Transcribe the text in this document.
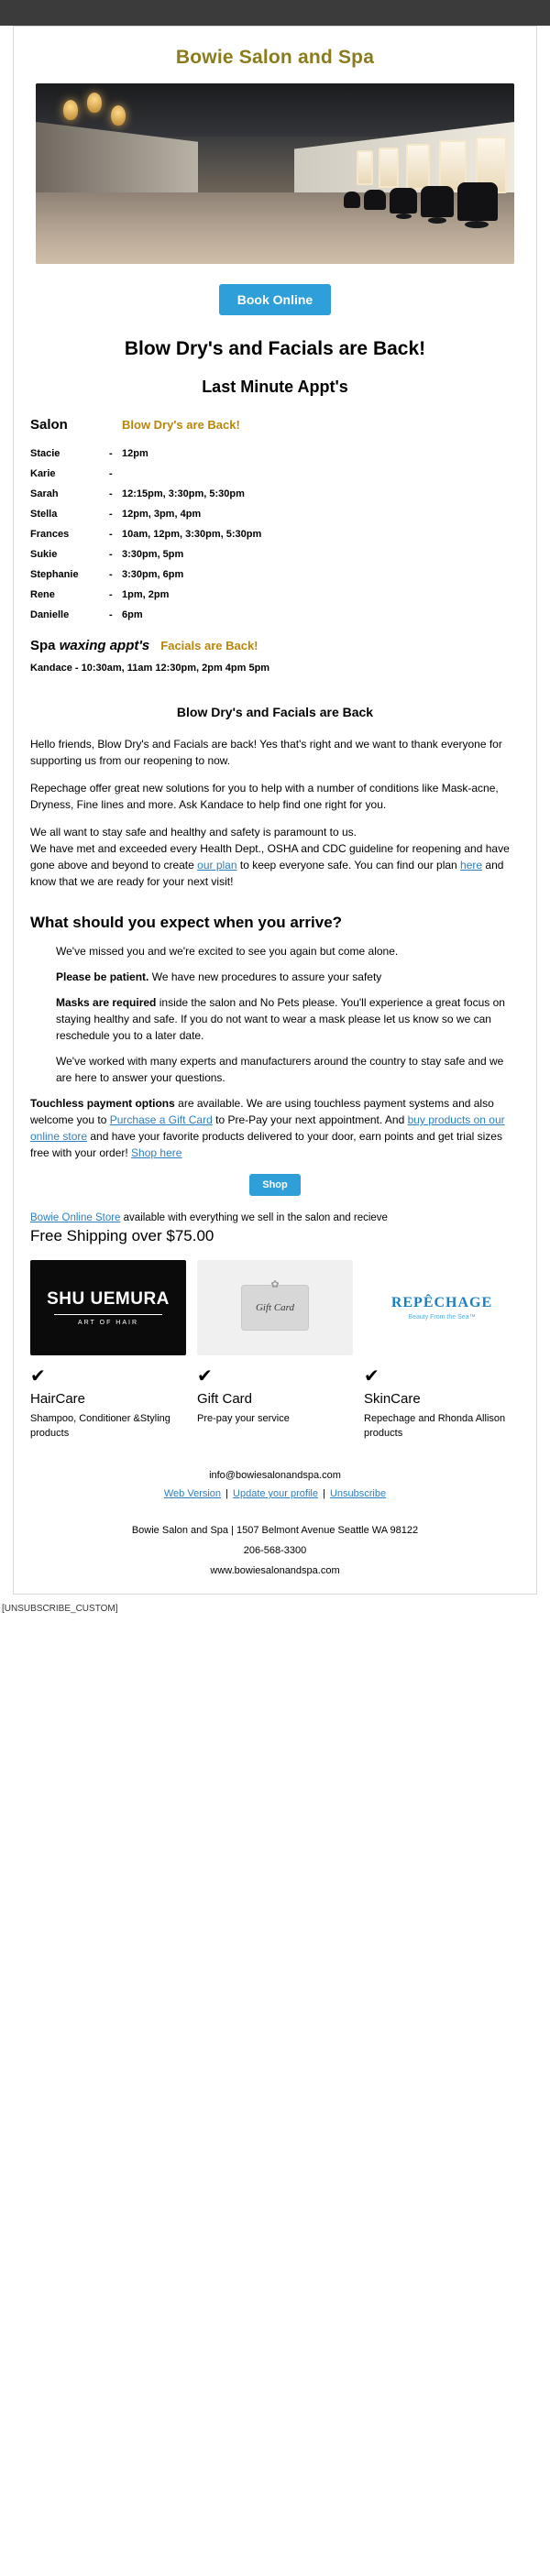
Bowie Salon and Spa
Book Online
Blow Dry's and Facials are Back!
Last Minute Appt's
Salon	Blow Dry's are Back!
Stacie	-	12pm
Karie	-	
Sarah	-	12:15pm, 3:30pm, 5:30pm
Stella	-	12pm, 3pm, 4pm
Frances	-	10am, 12pm, 3:30pm, 5:30pm
Sukie	-	3:30pm, 5pm
Stephanie	-	3:30pm, 6pm
Rene	-	1pm, 2pm
Danielle	-	6pm
Spa waxing appt's Facials are Back!
Kandace - 10:30am, 11am 12:30pm, 2pm 4pm 5pm
Blow Dry's and Facials are Back

Hello friends, Blow Dry's and Facials are back! Yes that's right and we want to thank everyone for supporting us from our reopening to now.

Repechage offer great new solutions for you to help with a number of conditions like Mask-acne, Dryness, Fine lines and more. Ask Kandace to help find one right for you.

We all want to stay safe and healthy and safety is paramount to us.
We have met and exceeded every Health Dept., OSHA and CDC guideline for reopening and have gone above and beyond to create our plan to keep everyone safe. You can find our plan here and know that we are ready for your next visit!

What should you expect when you arrive?

We've missed you and we're excited to see you again but come alone.

Please be patient. We have new procedures to assure your safety

Masks are required inside the salon and No Pets please. You'll experience a great focus on staying healthy and safe. If you do not want to wear a mask please let us know so we can reschedule you to a later date.

We've worked with many experts and manufacturers around the country to stay safe and we are here to answer your questions.

Touchless payment options are available. We are using touchless payment systems and also welcome you to Purchase a Gift Card to Pre-Pay your next appointment. And buy products on our online store and have your favorite products delivered to your door, earn points and get trial sizes free with your order! Shop here
Shop
Bowie Online Store available with everything we sell in the salon and recieve
Free Shipping over $75.00
SHU UEMURA
ART OF HAIR
✔
HairCare
Shampoo, Conditioner &Styling products
✿
Gift Card
✔
Gift Card
Pre-pay your service
REPÊCHAGE
Beauty From the Sea™
✔
SkinCare
Repechage and Rhonda Allison products
info@bowiesalonandspa.com
Web Version | Update your profile | Unsubscribe
Bowie Salon and Spa | 1507 Belmont Avenue Seattle WA 98122
206-568-3300
www.bowiesalonandspa.com
[UNSUBSCRIBE_CUSTOM]
